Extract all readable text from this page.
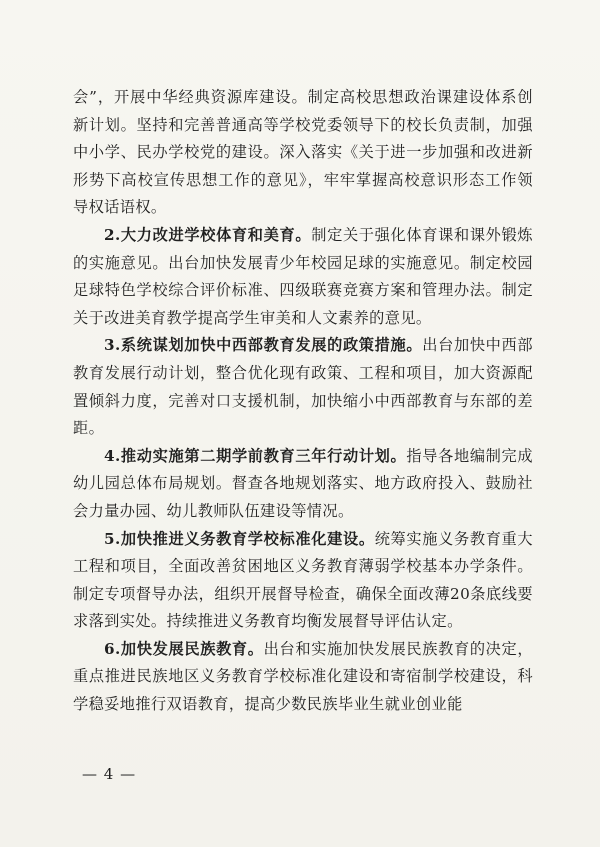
会”，开展中华经典资源库建设。制定高校思想政治课建设体系创新计划。坚持和完善普通高等学校党委领导下的校长负责制，加强中小学、民办学校党的建设。深入落实《关于进一步加强和改进新形势下高校宣传思想工作的意见》，牢牢掌握高校意识形态工作领导权话语权。

2.大力改进学校体育和美育。制定关于强化体育课和课外锻炼的实施意见。出台加快发展青少年校园足球的实施意见。制定校园足球特色学校综合评价标准、四级联赛竞赛方案和管理办法。制定关于改进美育教学提高学生审美和人文素养的意见。

3.系统谋划加快中西部教育发展的政策措施。出台加快中西部教育发展行动计划，整合优化现有政策、工程和项目，加大资源配置倾斜力度，完善对口支援机制，加快缩小中西部教育与东部的差距。

4.推动实施第二期学前教育三年行动计划。指导各地编制完成幼儿园总体布局规划。督查各地规划落实、地方政府投入、鼓励社会力量办园、幼儿教师队伍建设等情况。

5.加快推进义务教育学校标准化建设。统筹实施义务教育重大工程和项目，全面改善贫困地区义务教育薄弱学校基本办学条件。制定专项督导办法，组织开展督导检查，确保全面改薄20条底线要求落到实处。持续推进义务教育均衡发展督导评估认定。

6.加快发展民族教育。出台和实施加快发展民族教育的决定，重点推进民族地区义务教育学校标准化建设和寄宿制学校建设，科学稳妥地推行双语教育，提高少数民族毕业生就业创业能

— 4 —
